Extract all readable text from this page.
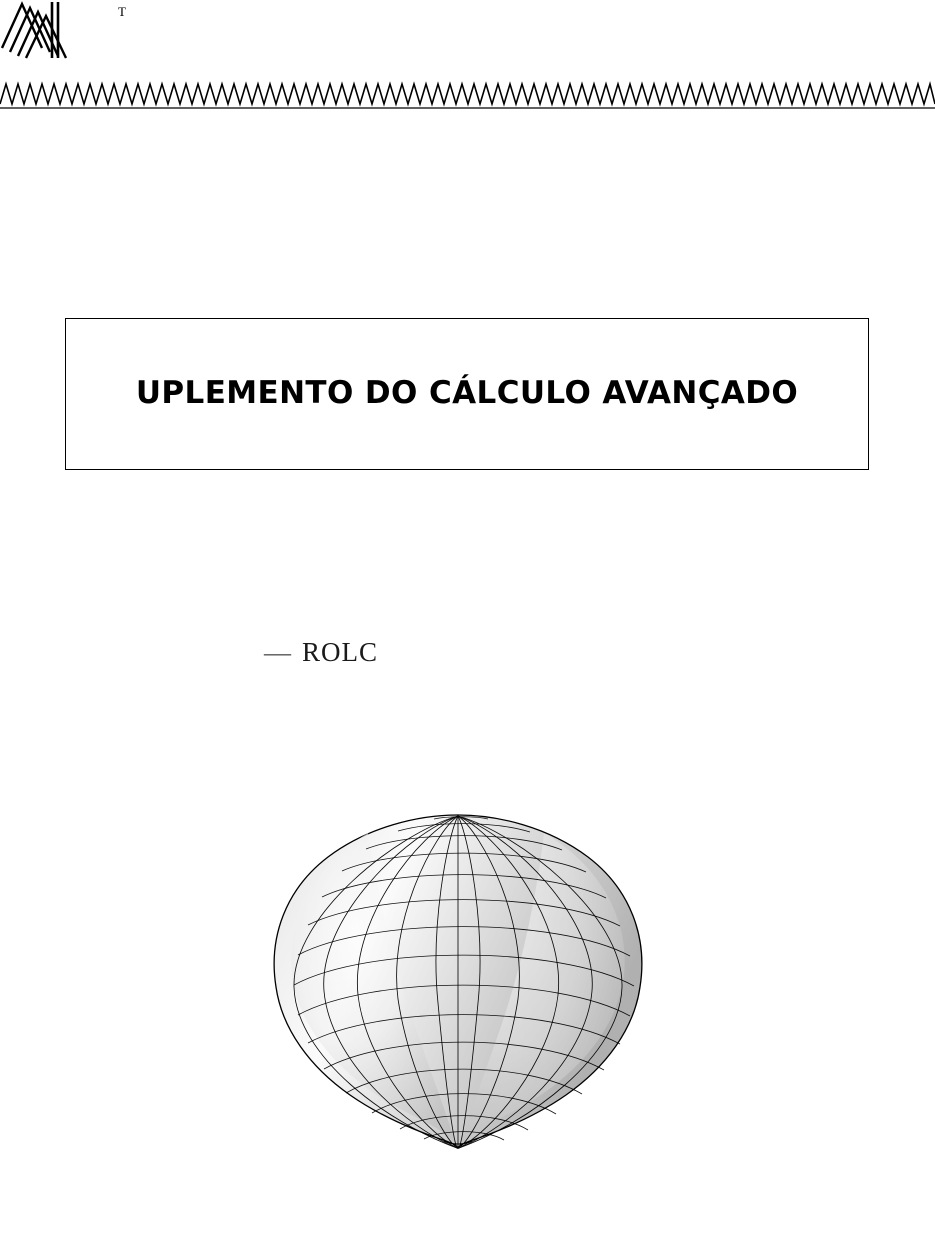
T
UPLEMENTO DO CÁLCULO AVANÇADO
— ROLC
